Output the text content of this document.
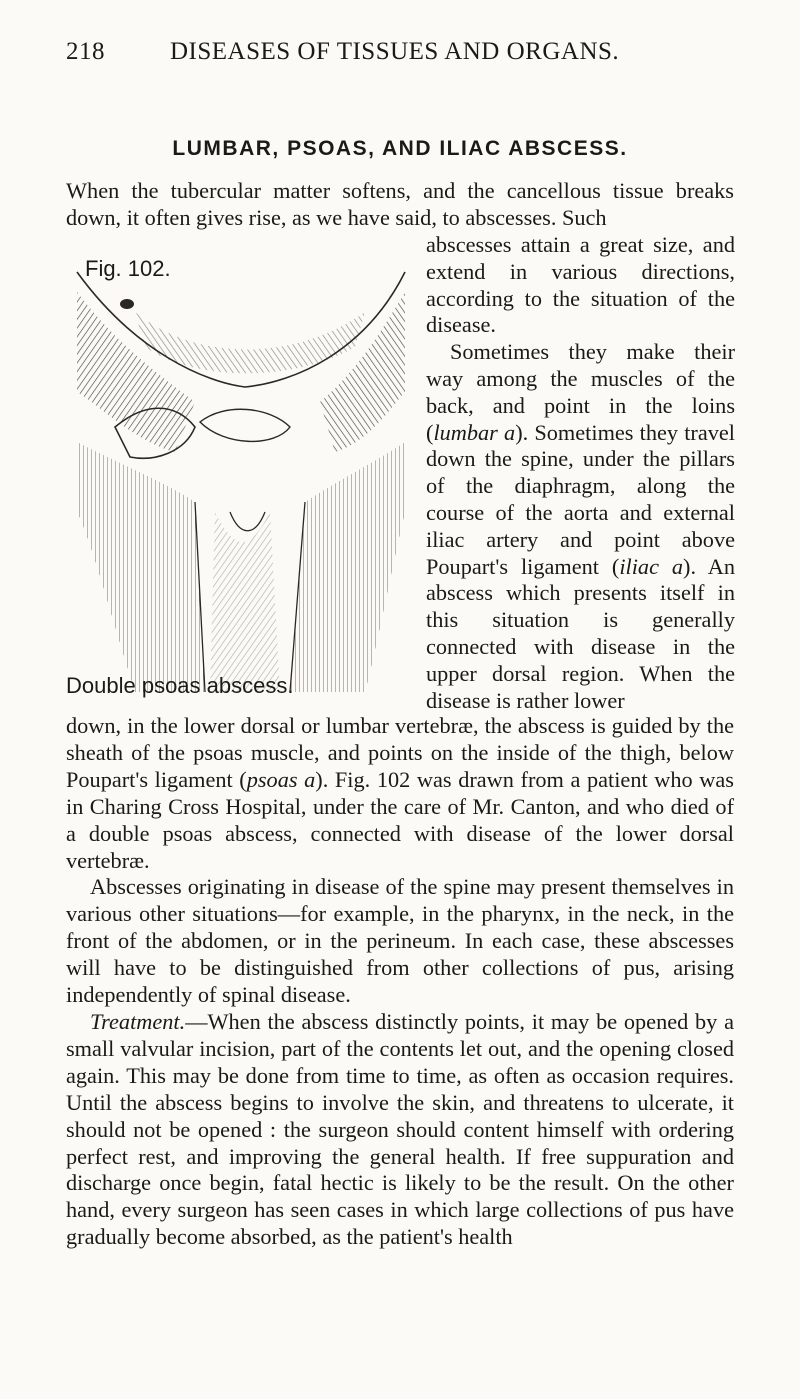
218	DISEASES OF TISSUES AND ORGANS.
LUMBAR, PSOAS, AND ILIAC ABSCESS.

When the tubercular matter softens, and the cancellous tissue breaks down, it often gives rise, as we have said, to abscesses. Such

Fig. 102.
Double psoas abscess.

abscesses attain a great size, and extend in various directions, according to the situation of the disease.

Sometimes they make their way among the muscles of the back, and point in the loins (lumbar a). Sometimes they travel down the spine, under the pillars of the diaphragm, along the course of the aorta and external iliac artery and point above Poupart's ligament (iliac a). An abscess which presents itself in this situation is generally connected with disease in the upper dorsal region. When the disease is rather lower

down, in the lower dorsal or lumbar vertebræ, the abscess is guided by the sheath of the psoas muscle, and points on the inside of the thigh, below Poupart's ligament (psoas a). Fig. 102 was drawn from a patient who was in Charing Cross Hospital, under the care of Mr. Canton, and who died of a double psoas abscess, connected with disease of the lower dorsal vertebræ.

Abscesses originating in disease of the spine may present themselves in various other situations—for example, in the pharynx, in the neck, in the front of the abdomen, or in the perineum. In each case, these abscesses will have to be distinguished from other collections of pus, arising independently of spinal disease.

Treatment.—When the abscess distinctly points, it may be opened by a small valvular incision, part of the contents let out, and the opening closed again. This may be done from time to time, as often as occasion requires. Until the abscess begins to involve the skin, and threatens to ulcerate, it should not be opened : the surgeon should content himself with ordering perfect rest, and improving the general health. If free suppuration and discharge once begin, fatal hectic is likely to be the result. On the other hand, every surgeon has seen cases in which large collections of pus have gradually become absorbed, as the patient's health
